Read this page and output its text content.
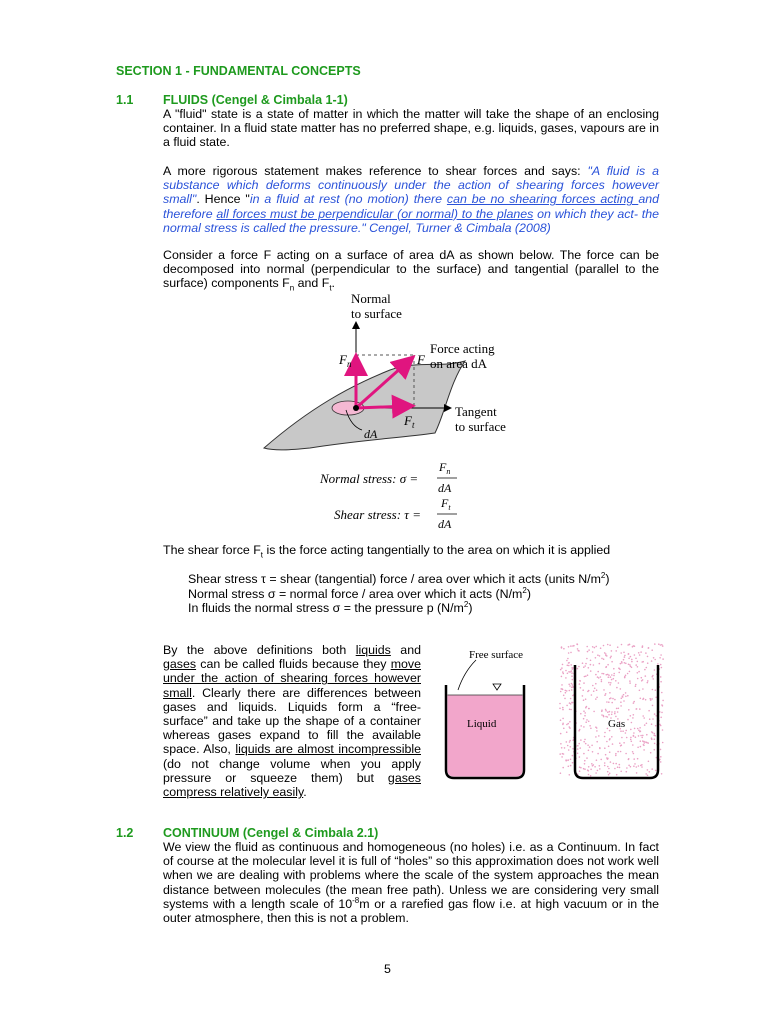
SECTION 1 - FUNDAMENTAL CONCEPTS
1.1 FLUIDS (Cengel & Cimbala 1-1)
A "fluid" state is a state of matter in which the matter will take the shape of an enclosing container. In a fluid state matter has no preferred shape, e.g. liquids, gases, vapours are in a fluid state.
A more rigorous statement makes reference to shear forces and says: "A fluid is a substance which deforms continuously under the action of shearing forces however small". Hence "in a fluid at rest (no motion) there can be no shearing forces acting and therefore all forces must be perpendicular (or normal) to the planes on which they act- the normal stress is called the pressure." Cengel, Turner & Cimbala (2008)
Consider a force F acting on a surface of area dA as shown below. The force can be decomposed into normal (perpendicular to the surface) and tangential (parallel to the surface) components $F_n$ and $F_t$.
Normal
to surface
Force acting
on area dA
Tangent
to surface
$F_n$	F
$F_t$
dA
Normal stress: σ =
$F_n$
dA
Shear stress: τ =
$F_t$
dA
The shear force $F_t$ is the force acting tangentially to the area on which it is applied
Shear stress τ = shear (tangential) force / area over which it acts (units $N/m^2$)
Normal stress σ = normal force / area over which it acts $(N/m^2)$
In fluids the normal stress σ = the pressure p $(N/m^2)$
By the above definitions both liquids and gases can be called fluids because they move under the action of shearing forces however small. Clearly there are differences between gases and liquids. Liquids form a “free-surface” and take up the shape of a container whereas gases expand to fill the available space. Also, liquids are almost incompressible (do not change volume when you apply pressure or squeeze them) but gases compress relatively easily.
Free surface
Liquid	Gas
1.2 CONTINUUM (Cengel & Cimbala 2.1)
We view the fluid as continuous and homogeneous (no holes) i.e. as a Continuum. In fact of course at the molecular level it is full of “holes” so this approximation does not work well when we are dealing with problems where the scale of the system approaches the mean distance between molecules (the mean free path). Unless we are considering very small systems with a length scale of $10^{-8}m$ or a rarefied gas flow i.e. at high vacuum or in the outer atmosphere, then this is not a problem.
5
